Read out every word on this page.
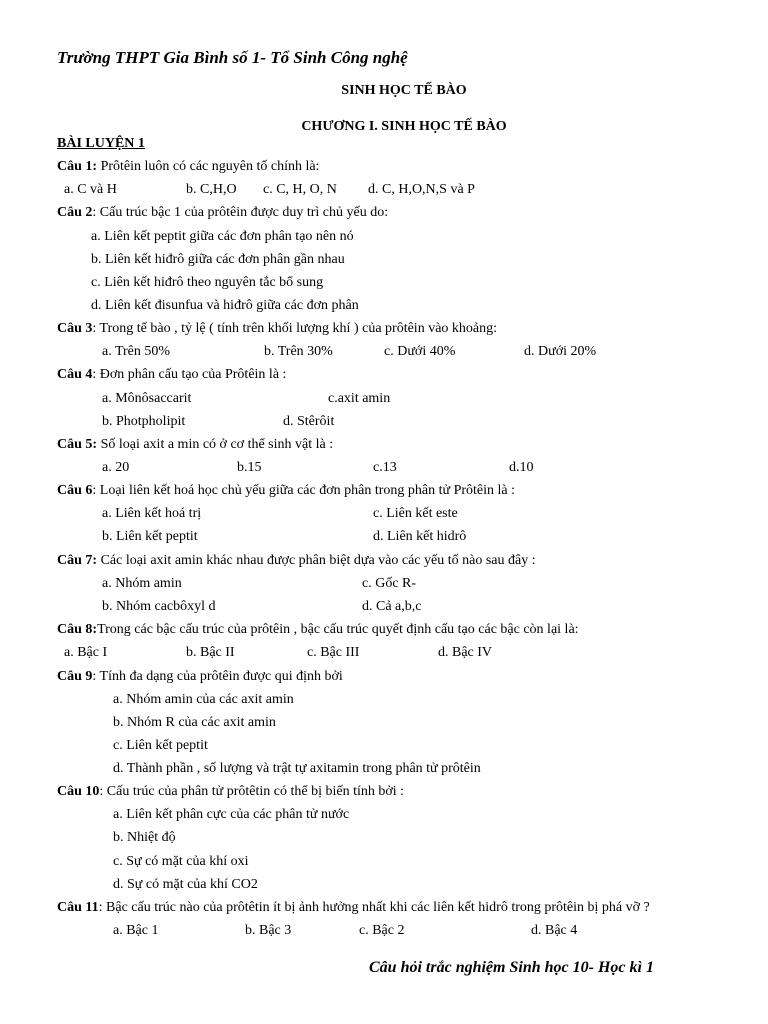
Trường THPT Gia Bình số 1- Tổ Sinh Công nghệ
SINH HỌC TẾ BÀO
CHƯƠNG I. SINH HỌC TẾ BÀO
BÀI LUYỆN 1
Câu 1: Prôtêin luôn có các nguyên tố chính là:
a. C và H	b. C,H,O c. C, H, O, N d. C, H,O,N,S và P
Câu 2: Cấu trúc bậc 1 của prôtêin được duy trì chủ yếu do:
a. Liên kết peptit giữa các đơn phân tạo nên nó
b. Liên kết hiđrô giữa các đơn phân gần nhau
c. Liên kết hiđrô theo nguyên tắc bổ sung
d. Liên kết đisunfua và hiđrô giữa các đơn phân
Câu 3: Trong tế bào , tỷ lệ ( tính trên khối lượng khí ) của prôtêin vào khoảng:
a. Trên 50%	b. Trên 30%	c. Dưới 40%	d. Dưới 20%
Câu 4: Đơn phân cấu tạo của Prôtêin là :
a. Mônôsaccarit	c.axit amin
b. Photpholipit	d. Stêrôit
Câu 5: Số loại axit a min có ở cơ thể sinh vật là :
a. 20	b.15	c.13	d.10
Câu 6: Loại liên kết hoá học chủ yếu giữa các đơn phân trong phân tử Prôtêin là :
a. Liên kết hoá trị	c. Liên kết este
b. Liên kết peptit	d. Liên kết hidrô
Câu 7: Các loại axit amin khác nhau được phân biệt dựa vào các yếu tố nào sau đây :
a. Nhóm amin	c. Gốc R-
b. Nhóm cacbôxyl d	d. Cả a,b,c
Câu 8:Trong các bậc cấu trúc của prôtêin , bậc cấu trúc quyết định cấu tạo các bậc còn lại là:
a. Bậc I	b. Bậc II	c. Bậc III	d. Bậc IV
Câu 9: Tính đa dạng của prôtêin được qui định bởi
a. Nhóm amin của các axit amin
b. Nhóm R của các axit amin
c. Liên kết peptit
d. Thành phần , số lượng và trật tự axitamin trong phân tử prôtêin
Câu 10: Cấu trúc của phân tử prôtêtin có thể bị biến tính bởi :
a. Liên kết phân cực của các phân tử nước
b. Nhiệt độ
c. Sự có mặt của khí oxi
d. Sự có mặt của khí CO2
Câu 11: Bậc cấu trúc nào của prôtêtin ít bị ảnh hưởng nhất khi các liên kết hidrô trong prôtêin bị phá vỡ ?
a. Bậc 1	b. Bậc 3	c. Bậc 2	d. Bậc 4
Câu hỏi trắc nghiệm Sinh học 10- Học kì 1
